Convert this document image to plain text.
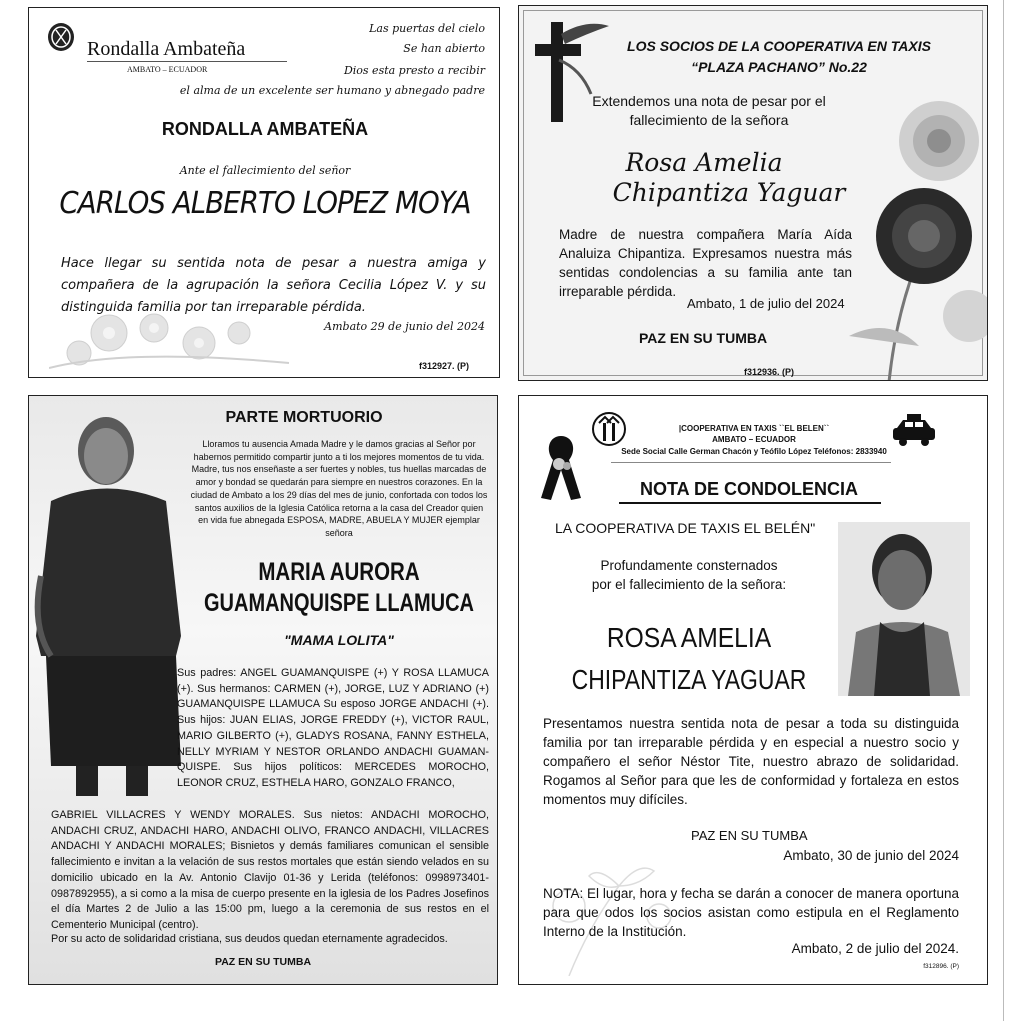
Rondalla Ambateña
AMBATO – ECUADOR
Las puertas del cielo
Se han abierto
Dios esta presto a recibir
el alma de un excelente ser humano y abnegado padre
RONDALLA AMBATEÑA
Ante el fallecimiento del señor
CARLOS ALBERTO LOPEZ MOYA
Hace llegar su sentida nota de pesar a nuestra amiga y compañera de la agrupación la señora Cecilia López V. y su distinguida familia por tan irreparable pérdida.
Ambato 29 de junio del 2024
f312927. (P)
LOS SOCIOS DE LA COOPERATIVA EN TAXIS
“PLAZA PACHANO” No.22
Extendemos una nota de pesar por el fallecimiento de la señora
Rosa Amelia
Chipantiza Yaguar
Madre de nuestra compañera María Aída Analuiza Chipantiza. Expresamos nuestra más sentidas condolencias a su familia ante tan irreparable pérdida.
Ambato, 1 de julio del 2024
PAZ EN SU TUMBA
f312936. (P)
PARTE MORTUORIO
Lloramos tu ausencia Amada Madre y le damos gracias al Señor por habernos permitido compartir junto a ti los mejores momentos de tu vida. Madre, tus nos enseñaste a ser fuertes y nobles, tus huellas marcadas de amor y bondad se quedarán para siempre en nuestros corazones. En la ciudad de Ambato a los 29 días del mes de junio, confortada con todos los santos auxilios de la Iglesia Católica retorna a la casa del Creador quien en vida fue abnegada ESPOSA, MADRE, ABUELA Y MUJER ejemplar señora
MARIA AURORA
GUAMANQUISPE LLAMUCA
"MAMA LOLITA"
Sus padres: ANGEL GUAMANQUISPE (+) Y ROSA LLAMUCA (+). Sus hermanos: CARMEN (+), JORGE, LUZ Y ADRIANO (+) GUAMANQUISPE LLAMUCA Su esposo JORGE ANDACHI (+). Sus hijos: JUAN ELIAS, JORGE FREDDY (+), VICTOR RAUL, MARIO GILBERTO (+), GLADYS ROSANA, FANNY ESTHELA, NELLY MYRIAM Y NESTOR ORLANDO ANDACHI GUAMAN-QUISPE. Sus hijos políticos: MERCEDES MOROCHO, LEONOR CRUZ, ESTHELA HARO, GONZALO FRANCO,
GABRIEL VILLACRES Y WENDY MORALES. Sus nietos: ANDACHI MOROCHO, ANDACHI CRUZ, ANDACHI HARO, ANDACHI OLIVO, FRANCO ANDACHI, VILLACRES ANDACHI Y ANDACHI MORALES; Bisnietos y demás familiares comunican el sensible fallecimiento e invitan a la velación de sus restos mortales que están siendo velados en su domicilio ubicado en la Av. Antonio Clavijo 01-36 y Lerida (teléfonos: 0998973401-0987892955), a si como a la misa de cuerpo presente en la iglesia de los Padres Josefinos el día Martes 2 de Julio a las 15:00 pm, luego a la ceremonia de sus restos en el Cementerio Municipal (centro).
Por su acto de solidaridad cristiana, sus deudos quedan eternamente agradecidos.
PAZ EN SU TUMBA
|COOPERATIVA EN TAXIS ``EL BELEN``
AMBATO – ECUADOR
Sede Social Calle German Chacón y Teófilo López Teléfonos: 2833940
NOTA DE CONDOLENCIA
LA COOPERATIVA DE TAXIS EL BELÉN"
Profundamente consternados
por el fallecimiento de la señora:
ROSA AMELIA
CHIPANTIZA YAGUAR
Presentamos nuestra sentida nota de pesar a toda su distinguida familia por tan irreparable pérdida y en especial a nuestro socio y compañero el señor Néstor Tite, nuestro abrazo de solidaridad. Rogamos al Señor para que les de conformidad y fortaleza en estos momentos muy difíciles.
PAZ EN SU TUMBA
Ambato, 30 de junio del 2024
NOTA: El lugar, hora y fecha se darán a conocer de manera oportuna para que odos los socios asistan como estipula en el Reglamento Interno de la Institución.
Ambato, 2 de julio del 2024.
f312896. (P)
